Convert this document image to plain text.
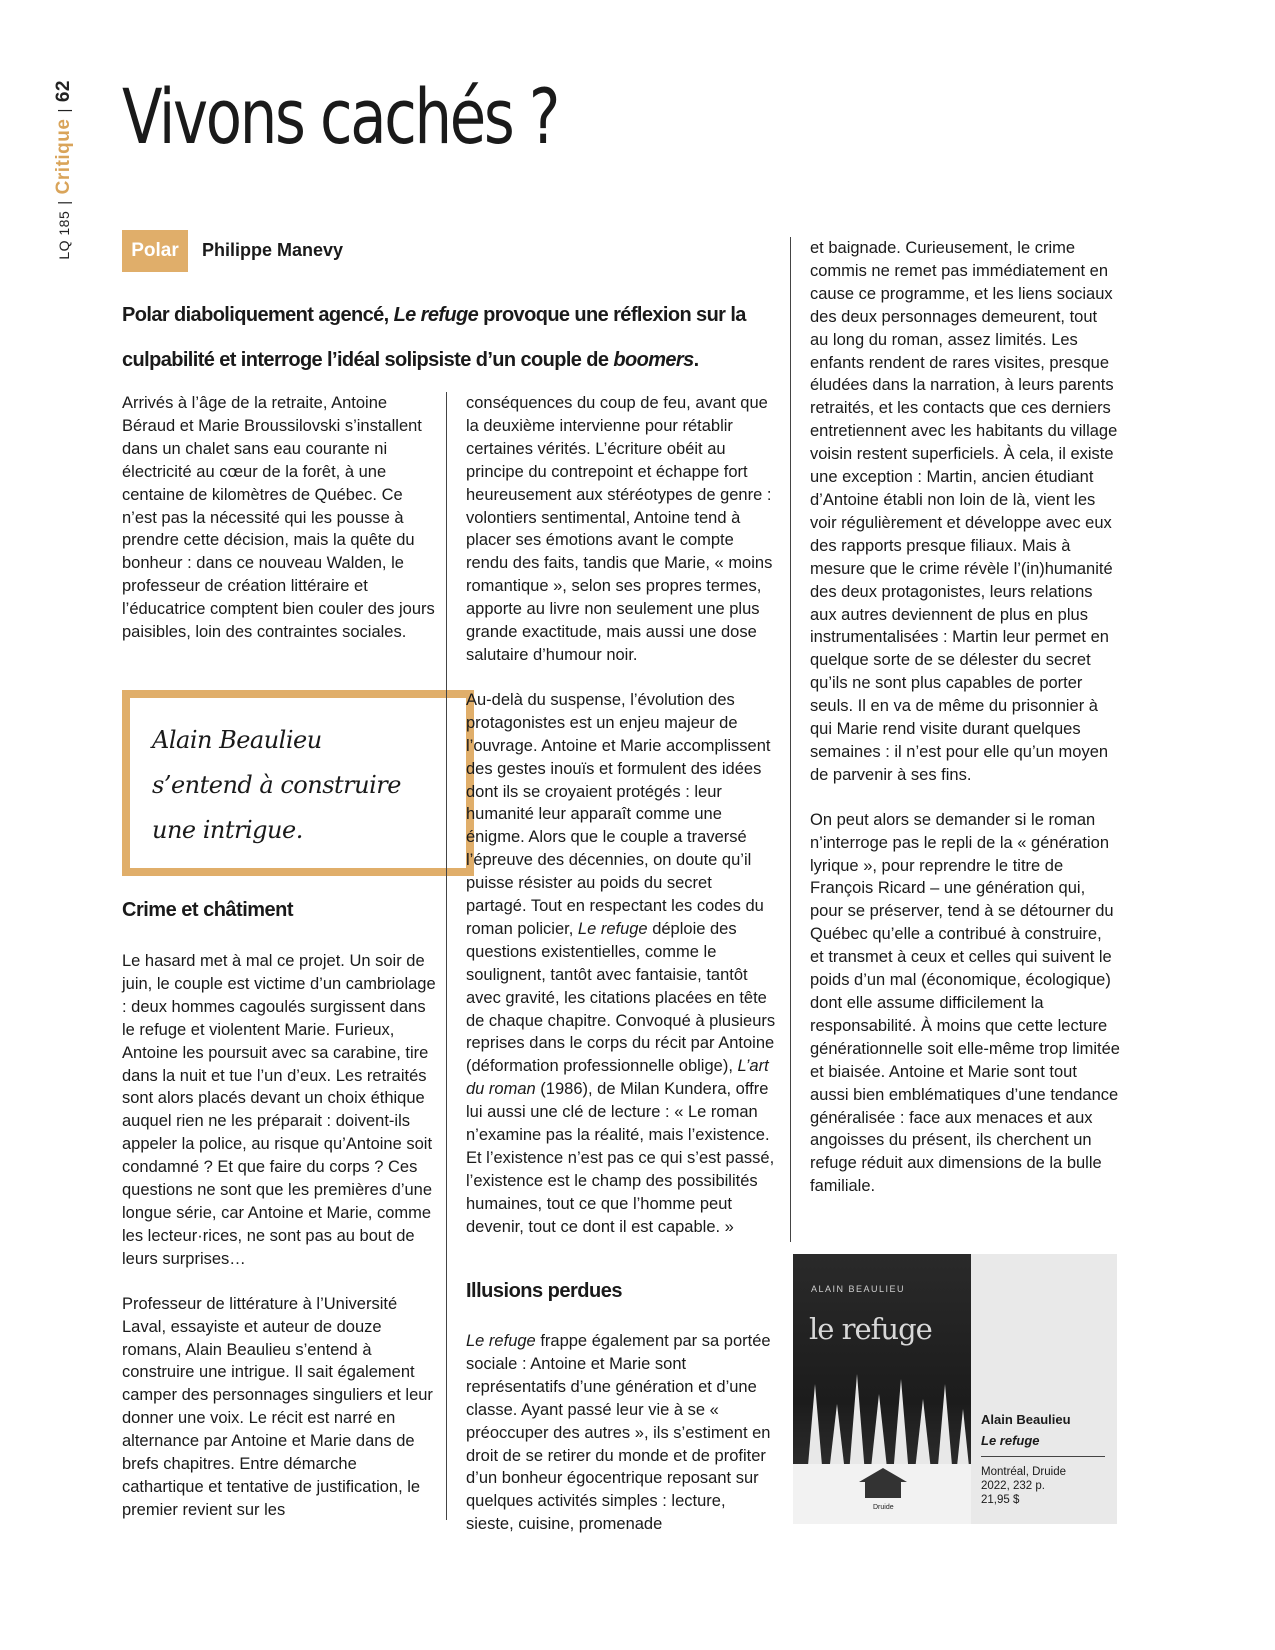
LQ 185
|
Critique
|
62 Vivons cachés ?
Polar	Philippe Manevy

Polar diaboliquement agencé, Le refuge provoque une réflexion sur la culpabilité et interroge l’idéal solipsiste d’un couple de boomers.

Arrivés à l’âge de la retraite, Antoine Béraud et Marie Broussilovski s’installent dans un chalet sans eau courante ni électricité au cœur de la forêt, à une centaine de kilomètres de Québec. Ce n’est pas la nécessité qui les pousse à prendre cette décision, mais la quête du bonheur : dans ce nouveau Walden, le professeur de création littéraire et l’éducatrice comptent bien couler des jours paisibles, loin des contraintes sociales.

Alain Beaulieu

s’entend à construire

une intrigue.

Crime et châtiment

Le hasard met à mal ce projet. Un soir de juin, le couple est victime d’un cambriolage : deux hommes cagoulés surgissent dans le refuge et violentent Marie. Furieux, Antoine les poursuit avec sa carabine, tire dans la nuit et tue l’un d’eux. Les retraités sont alors placés devant un choix éthique auquel rien ne les préparait : doivent-ils appeler la police, au risque qu’Antoine soit condamné ? Et que faire du corps ? Ces questions ne sont que les premières d’une longue série, car Antoine et Marie, comme les lecteur·rices, ne sont pas au bout de leurs surprises…

Professeur de littérature à l’Université Laval, essayiste et auteur de douze romans, Alain Beaulieu s’entend à construire une intrigue. Il sait également camper des personnages singuliers et leur donner une voix. Le récit est narré en alternance par Antoine et Marie dans de brefs chapitres. Entre démarche cathartique et tentative de justification, le premier revient sur les

conséquences du coup de feu, avant que la deuxième intervienne pour rétablir certaines vérités. L’écriture obéit au principe du contrepoint et échappe fort heureusement aux stéréotypes de genre : volontiers sentimental, Antoine tend à placer ses émotions avant le compte rendu des faits, tandis que Marie, « moins romantique », selon ses propres termes, apporte au livre non seulement une plus grande exactitude, mais aussi une dose salutaire d’humour noir.

Au-delà du suspense, l’évolution des protagonistes est un enjeu majeur de l’ouvrage. Antoine et Marie accomplissent des gestes inouïs et formulent des idées dont ils se croyaient protégés : leur humanité leur apparaît comme une énigme. Alors que le couple a traversé l’épreuve des décennies, on doute qu’il puisse résister au poids du secret partagé. Tout en respectant les codes du roman policier, Le refuge déploie des questions existentielles, comme le soulignent, tantôt avec fantaisie, tantôt avec gravité, les citations placées en tête de chaque chapitre. Convoqué à plusieurs reprises dans le corps du récit par Antoine (déformation professionnelle oblige), L’art du roman (1986), de Milan Kundera, offre lui aussi une clé de lecture : « Le roman n’examine pas la réalité, mais l’existence. Et l’existence n’est pas ce qui s’est passé, l’existence est le champ des possibilités humaines, tout ce que l’homme peut devenir, tout ce dont il est capable. »

Illusions perdues

Le refuge frappe également par sa portée sociale : Antoine et Marie sont représentatifs d’une génération et d’une classe. Ayant passé leur vie à se « préoccuper des autres », ils s’estiment en droit de se retirer du monde et de profiter d’un bonheur égocentrique reposant sur quelques activités simples : lecture, sieste, cuisine, promenade

et baignade. Curieusement, le crime commis ne remet pas immédiatement en cause ce programme, et les liens sociaux des deux personnages demeurent, tout au long du roman, assez limités. Les enfants rendent de rares visites, presque éludées dans la narration, à leurs parents retraités, et les contacts que ces derniers entretiennent avec les habitants du village voisin restent superficiels. À cela, il existe une exception : Martin, ancien étudiant d’Antoine établi non loin de là, vient les voir régulièrement et développe avec eux des rapports presque filiaux. Mais à mesure que le crime révèle l’(in)humanité des deux protagonistes, leurs relations aux autres deviennent de plus en plus instrumentalisées : Martin leur permet en quelque sorte de se délester du secret qu’ils ne sont plus capables de porter seuls. Il en va de même du prisonnier à qui Marie rend visite durant quelques semaines : il n’est pour elle qu’un moyen de parvenir à ses fins.

On peut alors se demander si le roman n’interroge pas le repli de la « génération lyrique », pour reprendre le titre de François Ricard – une génération qui, pour se préserver, tend à se détourner du Québec qu’elle a contribué à construire, et transmet à ceux et celles qui suivent le poids d’un mal (économique, écologique) dont elle assume difficilement la responsabilité. À moins que cette lecture générationnelle soit elle-même trop limitée et biaisée. Antoine et Marie sont tout aussi bien emblématiques d’une tendance généralisée : face aux menaces et aux angoisses du présent, ils cherchent un refuge réduit aux dimensions de la bulle familiale.

ALAIN BEAULIEU
le refuge
Druide
Alain Beaulieu
Le refuge
Montréal, Druide
2022, 232 p.
21,95 $
